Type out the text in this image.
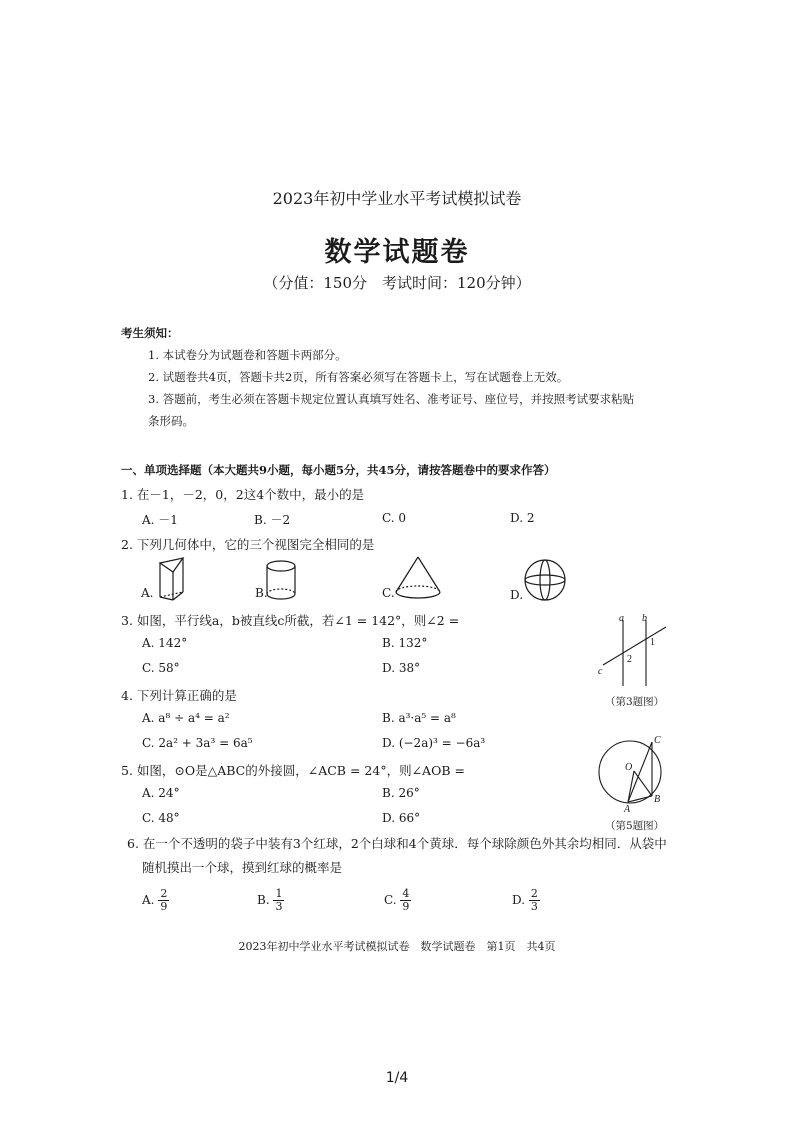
2023年初中学业水平考试模拟试卷
数学试题卷
（分值：150分　考试时间：120分钟）
考生须知：
1. 本试卷分为试题卷和答题卡两部分。
2. 试题卷共4页，答题卡共2页，所有答案必须写在答题卡上，写在试题卷上无效。
3. 答题前，考生必须在答题卡规定位置认真填写姓名、准考证号、座位号，并按照考试要求粘贴
条形码。
一、单项选择题（本大题共9小题，每小题5分，共45分，请按答题卷中的要求作答）
1. 在－1，－2，0，2这4个数中，最小的是
A. －1	B. －2	C. 0	D. 2
2. 下列几何体中，它的三个视图完全相同的是
A.	B.	C.	D.
3. 如图，平行线a，b被直线c所截，若∠1 = 142°，则∠2 =
A. 142°	B. 132°
C. 58°	D. 38°
a b
c
1
2
（第3题图）
4. 下列计算正确的是
A. a⁸ ÷ a⁴ = a²	B. a³·a⁵ = a⁸
C. 2a² + 3a³ = 6a⁵	D. (−2a)³ = −6a³
5. 如图，⊙O是△ABC的外接圆，∠ACB = 24°，则∠AOB =
A. 24°	B. 26°
C. 48°	D. 66°
O
A
B
C
（第5题图）
6. 在一个不透明的袋子中装有3个红球，2个白球和4个黄球．每个球除颜色外其余均相同．从袋中
随机摸出一个球，摸到红球的概率是
A. $\frac{2}{9}$	B. $\frac{1}{3}$	C. $\frac{4}{9}$	D. $\frac{2}{3}$
2023年初中学业水平考试模拟试卷　数学试题卷　第1页　共4页
1/4
